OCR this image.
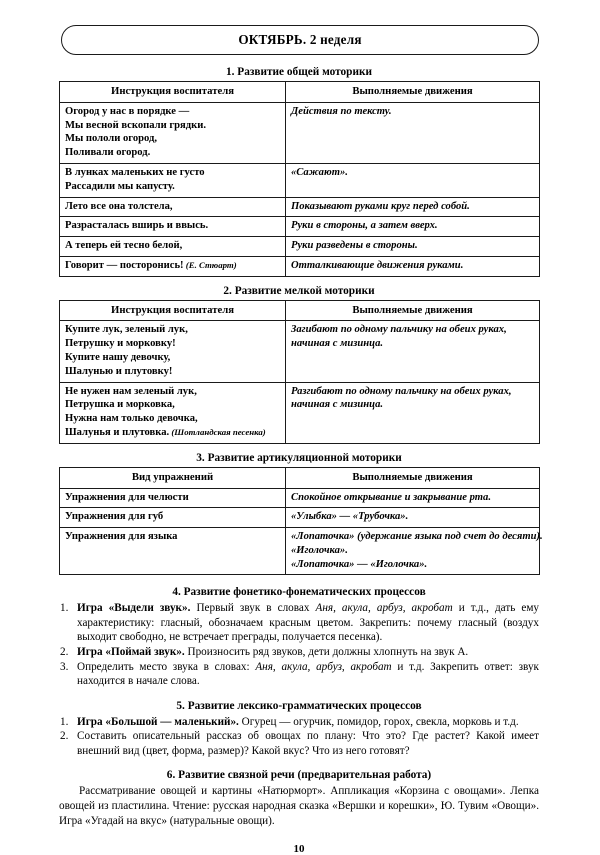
ОКТЯБРЬ. 2 неделя
1. Развитие общей моторики
Инструкция воспитателя	Выполняемые движения

Огород у нас в порядке —
Мы весной вскопали грядки.
Мы пололи огород,
Поливали огород.	Действия по тексту.

В лунках маленьких не густо
Рассадили мы капусту.	«Сажают».

Лето все она толстела,	Показывают руками круг перед собой.

Разрасталась вширь и ввысь.	Руки в стороны, а затем вверх.

А теперь ей тесно белой,	Руки разведены в стороны.

Говорит — посторонись! (Е. Стюарт)	Отталкивающие движения руками.
2. Развитие мелкой моторики
Инструкция воспитателя	Выполняемые движения

Купите лук, зеленый лук,
Петрушку и морковку!
Купите нашу девочку,
Шалунью и плутовку!	Загибают по одному пальчику на обеих руках,
начиная с мизинца.

Не нужен нам зеленый лук,
Петрушка и морковка,
Нужна нам только девочка,
Шалунья и плутовка. (Шотландская песенка)	Разгибают по одному пальчику на обеих руках,
начиная с мизинца.
3. Развитие артикуляционной моторики
Вид упражнений	Выполняемые движения

Упражнения для челюсти	Спокойное открывание и закрывание рта.

Упражнения для губ	«Улыбка» — «Трубочка».

Упражнения для языка	«Лопаточка» (удержание языка под счет до десяти).
«Иголочка».
«Лопаточка» — «Иголочка».
4. Развитие фонетико-фонематических процессов
1. Игра «Выдели звук». Первый звук в словах Аня, акула, арбуз, акробат и т.д., дать ему характеристику: гласный, обозначаем красным цветом. Закрепить: почему гласный (воздух выходит свободно, не встречает преграды, получается песенка).
2. Игра «Поймай звук». Произносить ряд звуков, дети должны хлопнуть на звук А.
3. Определить место звука в словах: Аня, акула, арбуз, акробат и т.д. Закрепить ответ: звук находится в начале слова.
5. Развитие лексико-грамматических процессов
1. Игра «Большой — маленький». Огурец — огурчик, помидор, горох, свекла, морковь и т.д.
2. Составить описательный рассказ об овощах по плану: Что это? Где растет? Какой имеет внешний вид (цвет, форма, размер)? Какой вкус? Что из него готовят?
6. Развитие связной речи (предварительная работа)

Рассматривание овощей и картины «Натюрморт». Аппликация «Корзина с овощами». Лепка овощей из пластилина. Чтение: русская народная сказка «Вершки и корешки», Ю. Тувим «Овощи». Игра «Угадай на вкус» (натуральные овощи).

10
